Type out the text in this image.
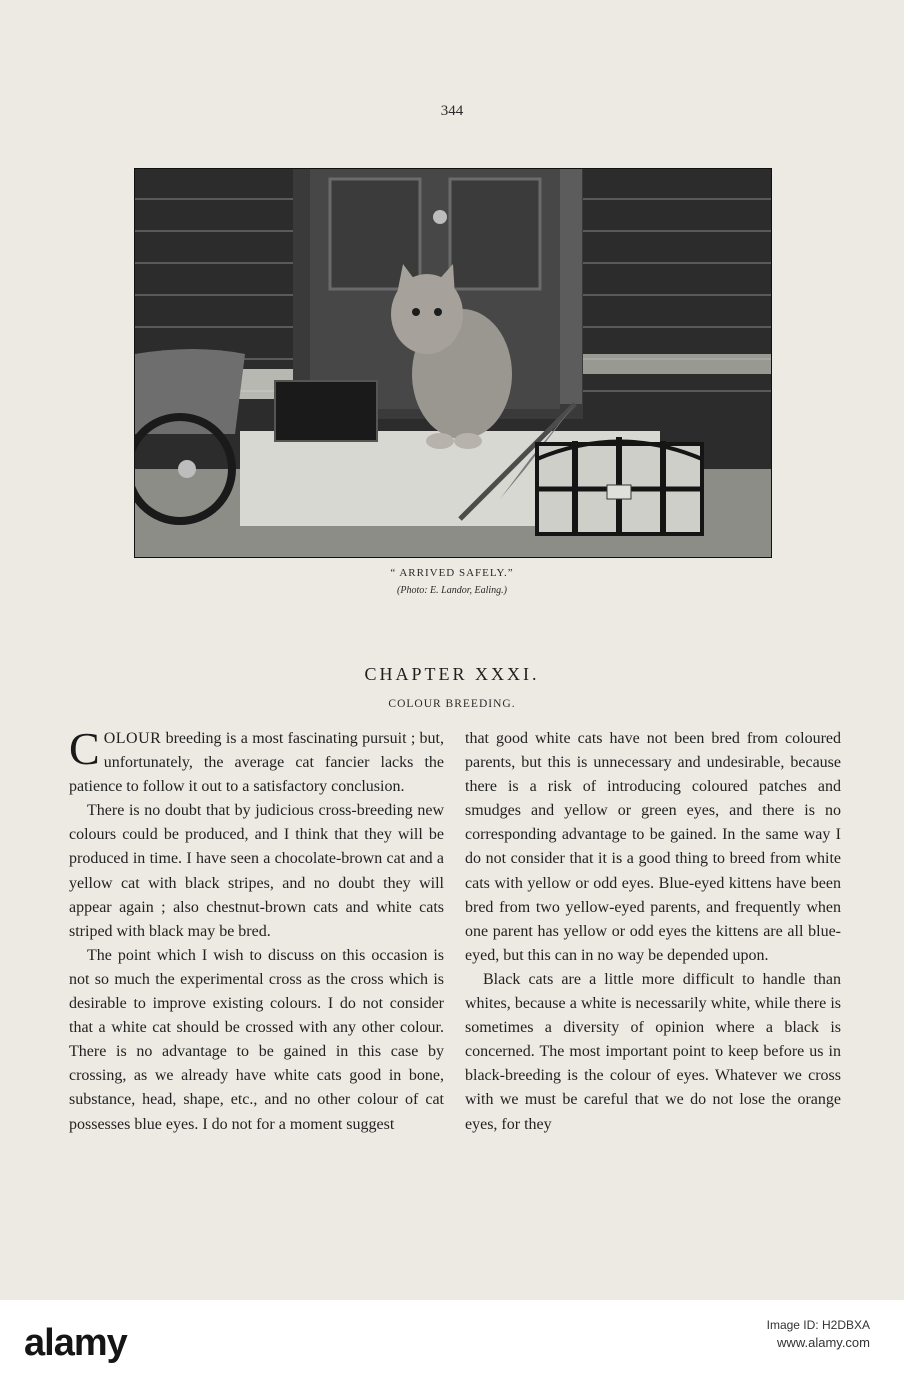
344
“ ARRIVED SAFELY.”
(Photo: E. Landor, Ealing.)
CHAPTER XXXI.
COLOUR BREEDING.

COLOUR breeding is a most fascinating pursuit ; but, unfortunately, the average cat fancier lacks the patience to follow it out to a satisfactory conclusion.

There is no doubt that by judicious cross-breeding new colours could be produced, and I think that they will be produced in time. I have seen a chocolate-brown cat and a yellow cat with black stripes, and no doubt they will appear again ; also chestnut-brown cats and white cats striped with black may be bred.

The point which I wish to discuss on this occasion is not so much the experimental cross as the cross which is desirable to improve existing colours. I do not consider that a white cat should be crossed with any other colour. There is no advantage to be gained in this case by crossing, as we already have white cats good in bone, substance, head, shape, etc., and no other colour of cat possesses blue eyes. I do not for a moment suggest

that good white cats have not been bred from coloured parents, but this is unnecessary and undesirable, because there is a risk of introducing coloured patches and smudges and yellow or green eyes, and there is no corresponding advantage to be gained. In the same way I do not consider that it is a good thing to breed from white cats with yellow or odd eyes. Blue-eyed kittens have been bred from two yellow-eyed parents, and frequently when one parent has yellow or odd eyes the kittens are all blue-eyed, but this can in no way be depended upon.

Black cats are a little more difficult to handle than whites, because a white is necessarily white, while there is sometimes a diversity of opinion where a black is concerned. The most important point to keep before us in black-breeding is the colour of eyes. Whatever we cross with we must be careful that we do not lose the orange eyes, for they

alamy	Image ID: H2DBXA
www.alamy.com
